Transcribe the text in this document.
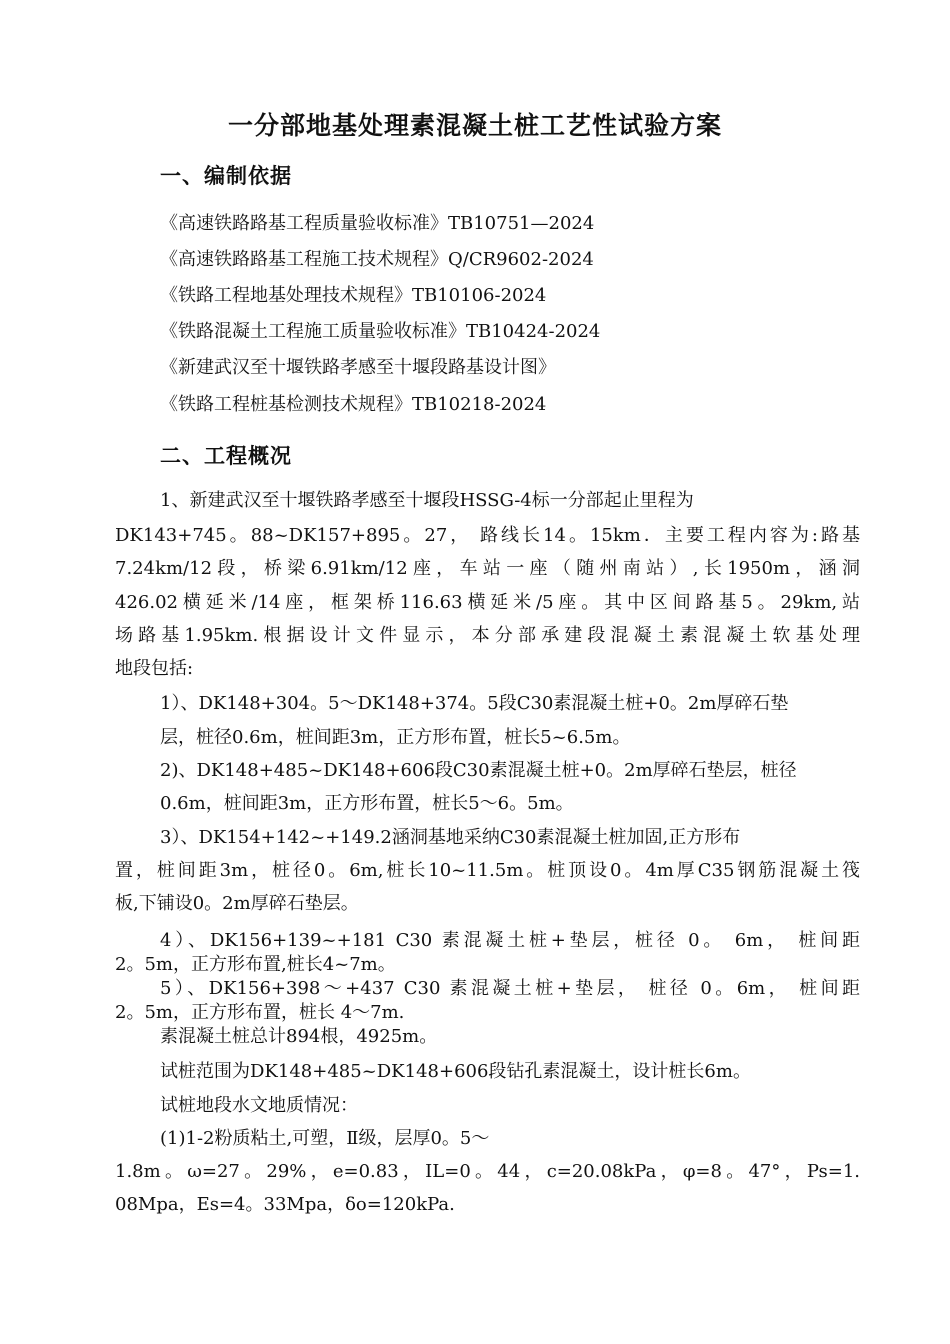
一分部地基处理素混凝土桩工艺性试验方案
一、编制依据
《高速铁路路基工程质量验收标准》TB10751—2024
《高速铁路路基工程施工技术规程》Q/CR9602-2024
《铁路工程地基处理技术规程》TB10106-2024
《铁路混凝土工程施工质量验收标准》TB10424-2024
《新建武汉至十堰铁路孝感至十堰段路基设计图》
《铁路工程桩基检测技术规程》TB10218-2024
二、工程概况
1、新建武汉至十堰铁路孝感至十堰段HSSG-4标一分部起止里程为
DK143+745。88~DK157+895。27， 路线长14。15km．主要工程内容为:路基
7.24km/12段，桥梁6.91km/12座，车站一座（随州南站）,长1950m，涵洞
426.02横延米/14座，框架桥116.63横延米/5座。其中区间路基5。29km,站
场路基1.95km.根据设计文件显示，本分部承建段混凝土素混凝土软基处理
地段包括:
1）、DK148+304。5～DK148+374。5段C30素混凝土桩+0。2m厚碎石垫
层，桩径0.6m，桩间距3m，正方形布置，桩长5~6.5m。
2)、DK148+485~DK148+606段C30素混凝土桩+0。2m厚碎石垫层，桩径
0.6m，桩间距3m，正方形布置，桩长5～6。5m。
3）、DK154+142~+149.2涵洞基地采纳C30素混凝土桩加固,正方形布
置，桩间距3m，桩径0。6m,桩长10~11.5m。桩顶设0。4m厚C35钢筋混凝土筏
板,下铺设0。2m厚碎石垫层。
4）、DK156+139~+181 C30 素混凝土桩+垫层，桩径 0。 6m， 桩间距
2。5m，正方形布置,桩长4~7m。
5）、DK156+398～+437 C30 素混凝土桩+垫层， 桩径 0。6m， 桩间距
2。5m，正方形布置，桩长 4～7m.
素混凝土桩总计894根，4925m。
试桩范围为DK148+485~DK148+606段钻孔素混凝土，设计桩长6m。
试桩地段水文地质情况：
(1)1-2粉质粘土,可塑，Ⅱ级，层厚0。5～
1.8m。ω=27。29%，e=0.83，IL=0。44，c=20.08kPa，φ=8。47°，Ps=1.
08Mpa，Es=4。33Mpa，δo=120kPa.
